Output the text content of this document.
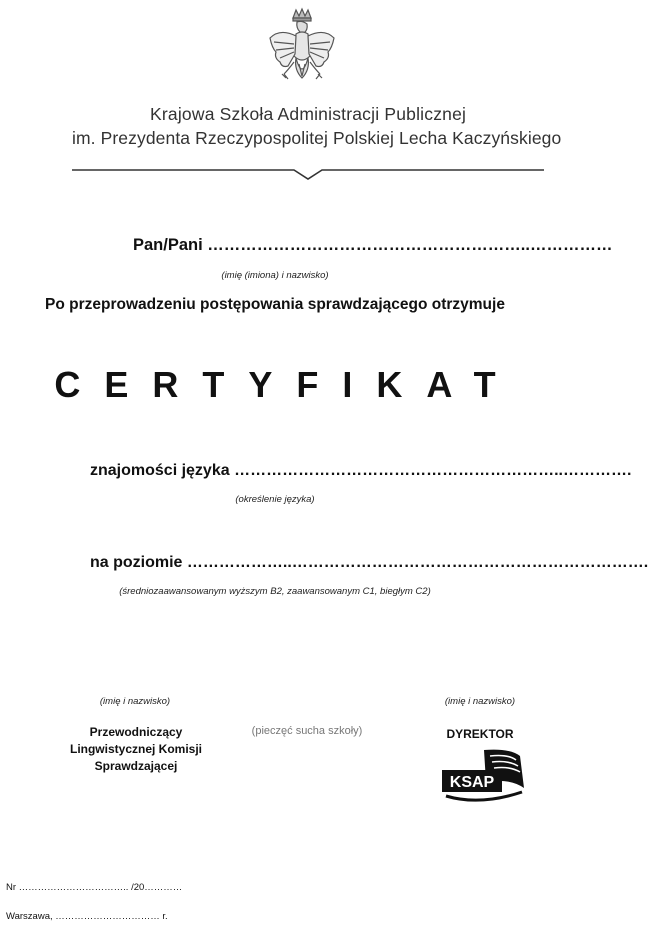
Krajowa Szkoła Administracji Publicznej
im. Prezydenta Rzeczypospolitej Polskiej Lecha Kaczyńskiego
Pan/Pani …………………………………………………..……………
(imię (imiona) i nazwisko)
Po przeprowadzeniu postępowania sprawdzającego otrzymuje
CERTYFIKAT
znajomości języka ……………………………………………………..………….
(określenie języka)
na poziomie ………………..………………………………………………………….
(średniozaawansowanym wyższym B2, zaawansowanym C1, biegłym C2)
(imię i nazwisko)	(imię i nazwisko)
Przewodniczący
Lingwistycznej Komisji
Sprawdzającej
(pieczęć sucha szkoły)	DYREKTOR
KSAP
Nr …………………………….. /20…………
Warszawa, …………………………… r.
